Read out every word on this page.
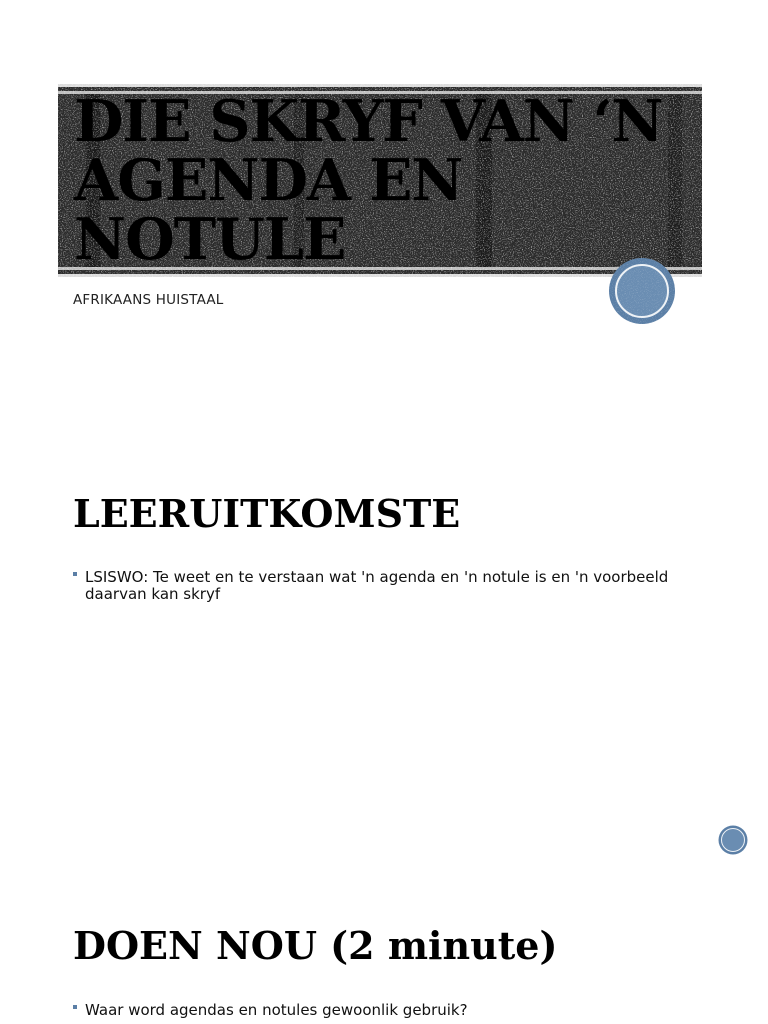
DIE SKRYF VAN ‘N
AGENDA EN
NOTULE
AFRIKAANS HUISTAAL
LEERUITKOMSTE
LSISWO: Te weet en te verstaan wat 'n agenda en 'n notule is en 'n voorbeeld daarvan kan skryf
DOEN NOU (2 minute)
Waar word agendas en notules gewoonlik gebruik?
